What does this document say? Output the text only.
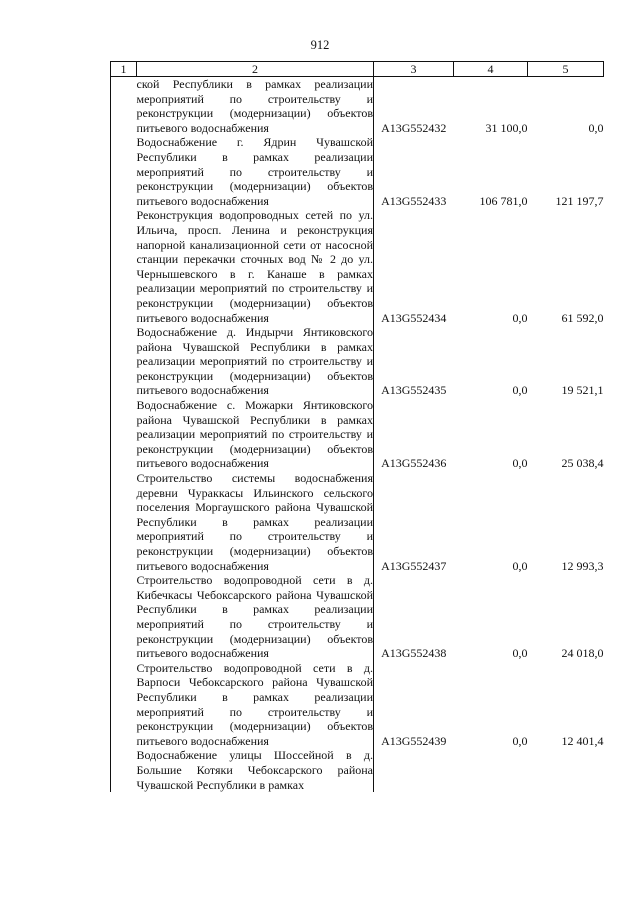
912
1	2	3	4	5

	ской Республики в рамках реализации мероприятий по строительству и реконструкции (модернизации) объектов питьевого водоснабжения	А13G552432	31 100,0	0,0

	Водоснабжение г. Ядрин Чувашской Республики в рамках реализации мероприятий по строительству и реконструкции (модернизации) объектов питьевого водоснабжения	А13G552433	106 781,0	121 197,7

	Реконструкция водопроводных сетей по ул. Ильича, просп. Ленина и реконструкция напорной канализационной сети от насосной станции перекачки сточных вод № 2 до ул. Чернышевского в г. Канаше в рамках реализации мероприятий по строительству и реконструкции (модернизации) объектов питьевого водоснабжения	А13G552434	0,0	61 592,0

	Водоснабжение д. Индырчи Янтиковского района Чувашской Республики в рамках реализации мероприятий по строительству и реконструкции (модернизации) объектов питьевого водоснабжения	А13G552435	0,0	19 521,1

	Водоснабжение с. Можарки Янтиковского района Чувашской Республики в рамках реализации мероприятий по строительству и реконструкции (модернизации) объектов питьевого водоснабжения	А13G552436	0,0	25 038,4

	Строительство системы водоснабжения деревни Чураккасы Ильинского сельского поселения Моргаушского района Чувашской Республики в рамках реализации мероприятий по строительству и реконструкции (модернизации) объектов питьевого водоснабжения	А13G552437	0,0	12 993,3

	Строительство водопроводной сети в д. Кибечкасы Чебоксарского района Чувашской Республики в рамках реализации мероприятий по строительству и реконструкции (модернизации) объектов питьевого водоснабжения	А13G552438	0,0	24 018,0

	Строительство водопроводной сети в д. Варпоси Чебоксарского района Чувашской Республики в рамках реализации мероприятий по строительству и реконструкции (модернизации) объектов питьевого водоснабжения	А13G552439	0,0	12 401,4

	Водоснабжение улицы Шоссейной в д. Большие Котяки Чебоксарского района Чувашской Республики в рамках			
